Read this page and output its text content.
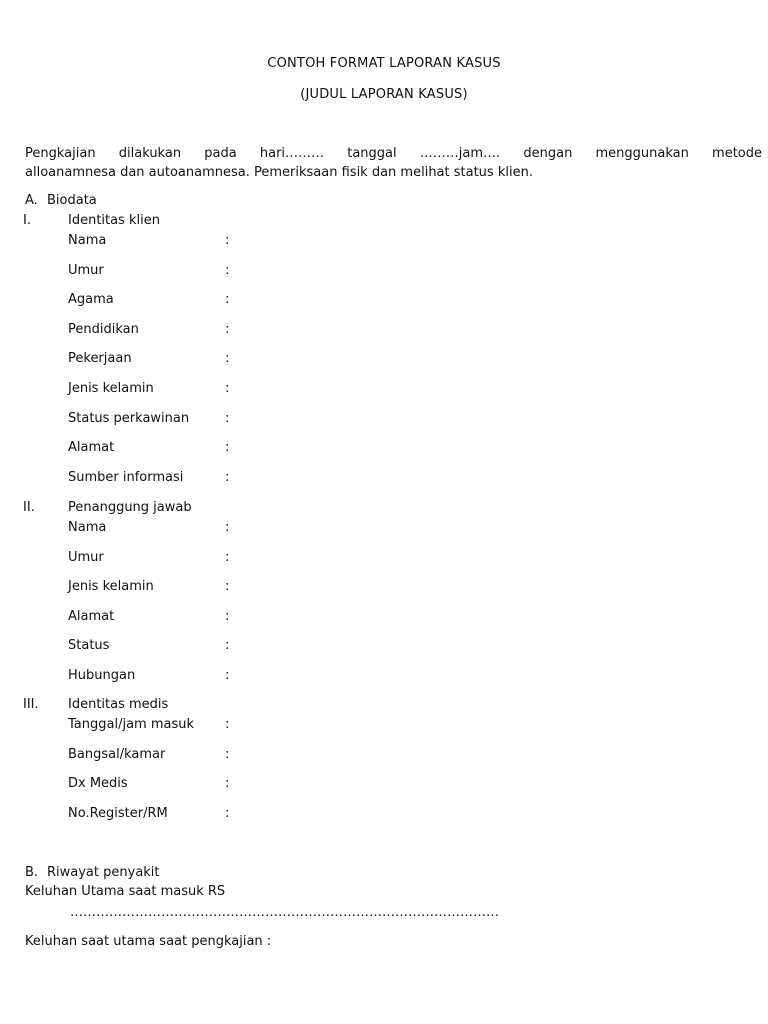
CONTOH FORMAT LAPORAN KASUS
(JUDUL LAPORAN KASUS)
Pengkajian dilakukan pada hari……… tanggal ………jam…. dengan menggunakan metode
alloanamnesa dan autoanamnesa. Pemeriksaan fisik dan melihat status klien.
A. Biodata
I.	Identitas klien
Nama	:
Umur	:
Agama	:
Pendidikan	:
Pekerjaan	:
Jenis kelamin	:
Status perkawinan	:
Alamat	:
Sumber informasi	:
II.	Penanggung jawab
Nama	:
Umur	:
Jenis kelamin	:
Alamat	:
Status	:
Hubungan	:
III. Identitas medis
Tanggal/jam masuk :
Bangsal/kamar	:
Dx Medis	:
No.Register/RM	:
B. Riwayat penyakit
Keluhan Utama saat masuk RS
………………………………………………………………………………………
Keluhan saat utama saat pengkajian :
